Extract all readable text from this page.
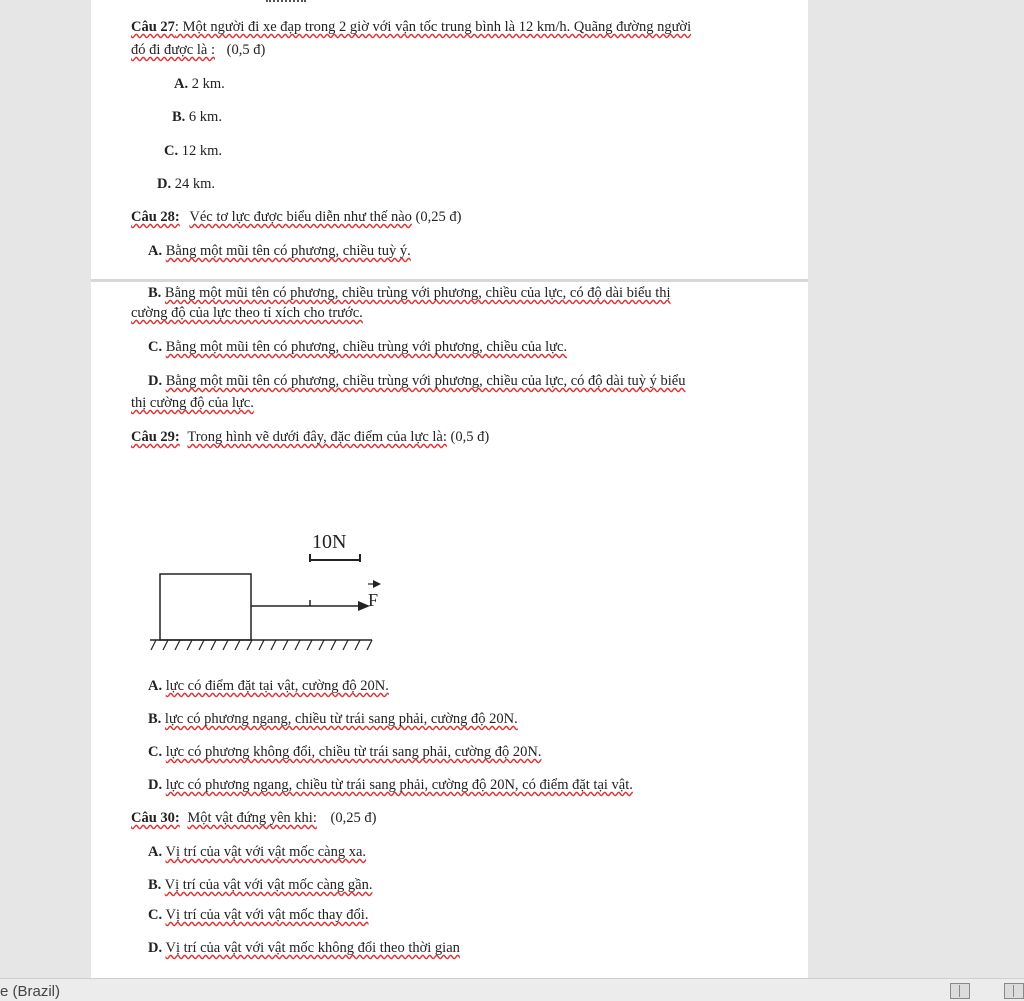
Câu 27: Một người đi xe đạp trong 2 giờ với vận tốc trung bình là 12 km/h. Quãng đường người
đó đi được là : (0,5 đ)
A. 2 km.
B. 6 km.
C. 12 km.
D. 24 km.
Câu 28: Véc tơ lực được biểu diễn như thế nào (0,25 đ)
A. Bằng một mũi tên có phương, chiều tuỳ ý.
B. Bằng một mũi tên có phương, chiều trùng với phương, chiều của lực, có độ dài biểu thị
cường độ của lực theo tỉ xích cho trước.
C. Bằng một mũi tên có phương, chiều trùng với phương, chiều của lực.
D. Bằng một mũi tên có phương, chiều trùng với phương, chiều của lực, có độ dài tuỳ ý biểu
thị cường độ của lực.
Câu 29: Trong hình vẽ dưới đây, đặc điểm của lực là: (0,5 đ)
10N
F
A. lực có điểm đặt tại vật, cường độ 20N.
B. lực có phương ngang, chiều từ trái sang phải, cường độ 20N.
C. lực có phương không đổi, chiều từ trái sang phải, cường độ 20N.
D. lực có phương ngang, chiều từ trái sang phải, cường độ 20N, có điểm đặt tại vật.
Câu 30: Một vật đứng yên khi: (0,25 đ)
A. Vị trí của vật với vật mốc càng xa.
B. Vị trí của vật với vật mốc càng gần.
C. Vị trí của vật với vật mốc thay đổi.
D. Vị trí của vật với vật mốc không đổi theo thời gian
e (Brazil)
